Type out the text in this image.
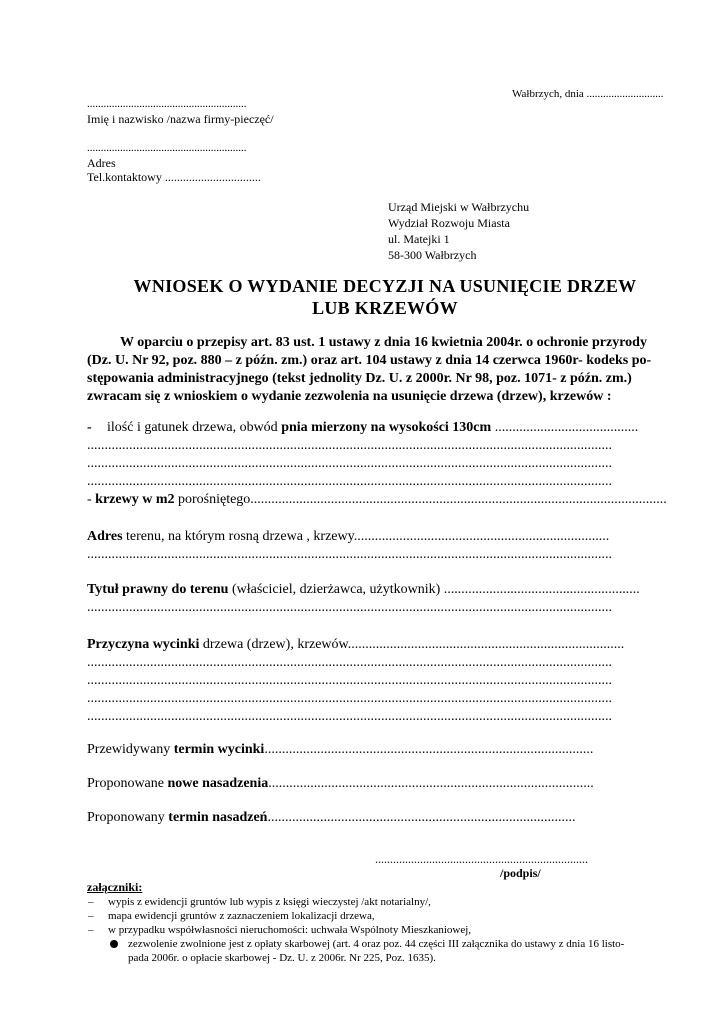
Wałbrzych, dnia ............................
..........................................................
Imię i nazwisko /nazwa firmy-pieczęć/
..........................................................
Adres
Tel.kontaktowy ................................
Urząd Miejski w Wałbrzychu
Wydział Rozwoju Miasta
ul. Matejki 1
58-300 Wałbrzych
WNIOSEK O WYDANIE DECYZJI NA USUNIĘCIE DRZEW
LUB KRZEWÓW
W oparciu o przepisy art. 83 ust. 1 ustawy z dnia 16 kwietnia 2004r. o ochronie przyrody
(Dz. U. Nr 92, poz. 880 – z późn. zm.) oraz art. 104 ustawy z dnia 14 czerwca 1960r- kodeks po-
stępowania administracyjnego (tekst jednolity Dz. U. z 2000r. Nr 98, poz. 1071- z późn. zm.)
zwracam się z wnioskiem o wydanie zezwolenia na usunięcie drzewa (drzew), krzewów :
- ilość i gatunek drzewa, obwód pnia mierzony na wysokości 130cm .........................................
......................................................................................................................................................
......................................................................................................................................................
......................................................................................................................................................
- krzewy w m2 porośniętego.......................................................................................................................
Adres terenu, na którym rosną drzewa , krzewy.........................................................................
......................................................................................................................................................
Tytuł prawny do terenu (właściciel, dzierżawca, użytkownik) ........................................................
......................................................................................................................................................
Przyczyna wycinki drzewa (drzew), krzewów...............................................................................
......................................................................................................................................................
......................................................................................................................................................
......................................................................................................................................................
......................................................................................................................................................
Przewidywany termin wycinki..............................................................................................
Proponowane nowe nasadzenia.............................................................................................
Proponowany termin nasadzeń........................................................................................
.......................................................................
/podpis/
załączniki:
– wypis z ewidencji gruntów lub wypis z księgi wieczystej /akt notarialny/,
– mapa ewidencji gruntów z zaznaczeniem lokalizacji drzewa,
– w przypadku współwłasności nieruchomości: uchwała Wspólnoty Mieszkaniowej,
zezwolenie zwolnione jest z opłaty skarbowej (art. 4 oraz poz. 44 części III załącznika do ustawy z dnia 16 listo-
pada 2006r. o opłacie skarbowej - Dz. U. z 2006r. Nr 225, Poz. 1635).
